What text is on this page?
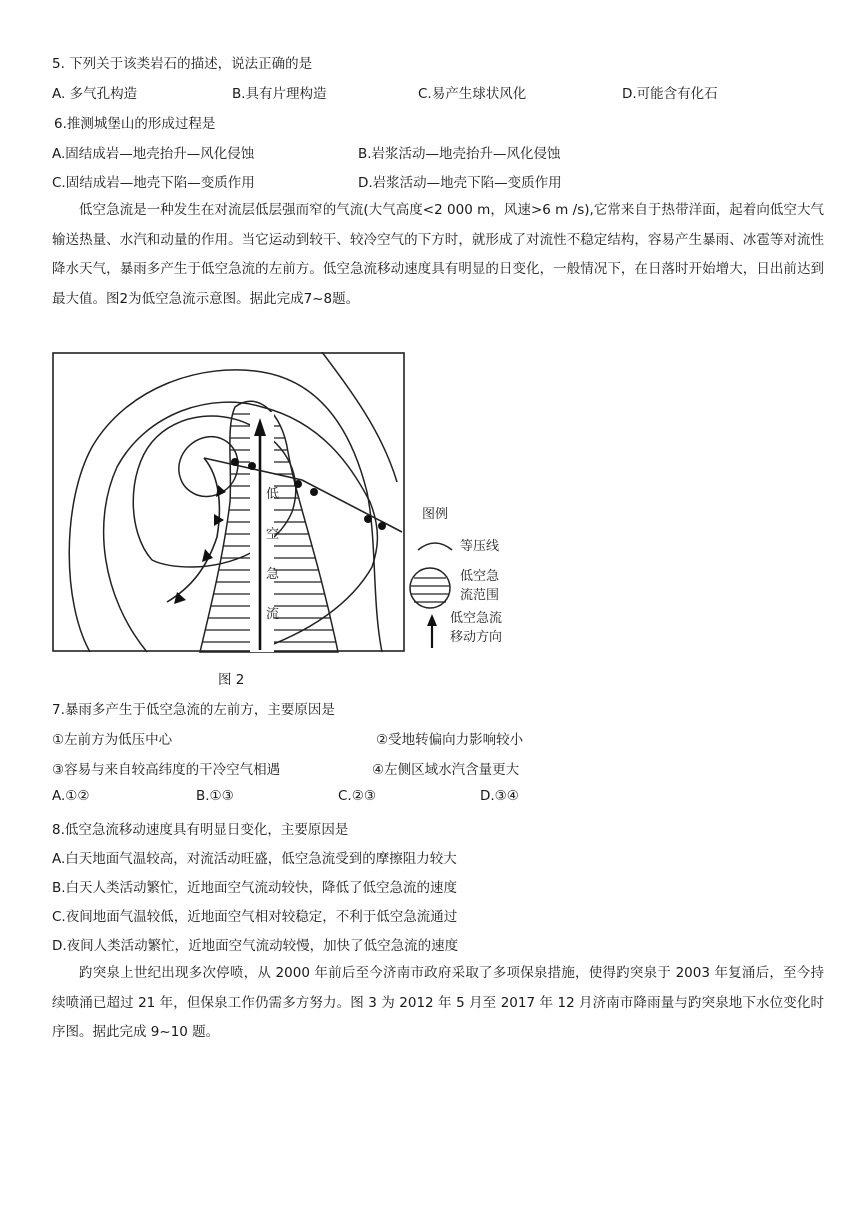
5. 下列关于该类岩石的描述，说法正确的是
A. 多气孔构造	B.具有片理构造	C.易产生球状风化	D.可能含有化石
6.推测城堡山的形成过程是
A.固结成岩—地壳抬升—风化侵蚀	B.岩浆活动—地壳抬升—风化侵蚀
C.固结成岩—地壳下陷—变质作用	D.岩浆活动—地壳下陷—变质作用
低空急流是一种发生在对流层低层强而窄的气流(大气高度<2 000 m，风速>6 m /s),它常来自于热带洋面，起着向低空大气输送热量、水汽和动量的作用。当它运动到较干、较冷空气的下方时，就形成了对流性不稳定结构，容易产生暴雨、冰雹等对流性降水天气，暴雨多产生于低空急流的左前方。低空急流移动速度具有明显的日变化，一般情况下，在日落时开始增大，日出前达到最大值。图2为低空急流示意图。据此完成7~8题。
低
空
急
流
图例
等压线
低空急
流范围
低空急流
移动方向
图 2
7.暴雨多产生于低空急流的左前方，主要原因是
①左前方为低压中心	②受地转偏向力影响较小
③容易与来自较高纬度的干冷空气相遇	④左侧区域水汽含量更大
A.①②	B.①③	C.②③	D.③④
8.低空急流移动速度具有明显日变化，主要原因是
A.白天地面气温较高，对流活动旺盛，低空急流受到的摩擦阻力较大
B.白天人类活动繁忙，近地面空气流动较快，降低了低空急流的速度
C.夜间地面气温较低，近地面空气相对较稳定，不利于低空急流通过
D.夜间人类活动繁忙，近地面空气流动较慢，加快了低空急流的速度
趵突泉上世纪出现多次停喷，从 2000 年前后至今济南市政府采取了多项保泉措施，使得趵突泉于 2003 年复涌后，至今持续喷涌已超过 21 年，但保泉工作仍需多方努力。图 3 为 2012 年 5 月至 2017 年 12 月济南市降雨量与趵突泉地下水位变化时序图。据此完成 9~10 题。
